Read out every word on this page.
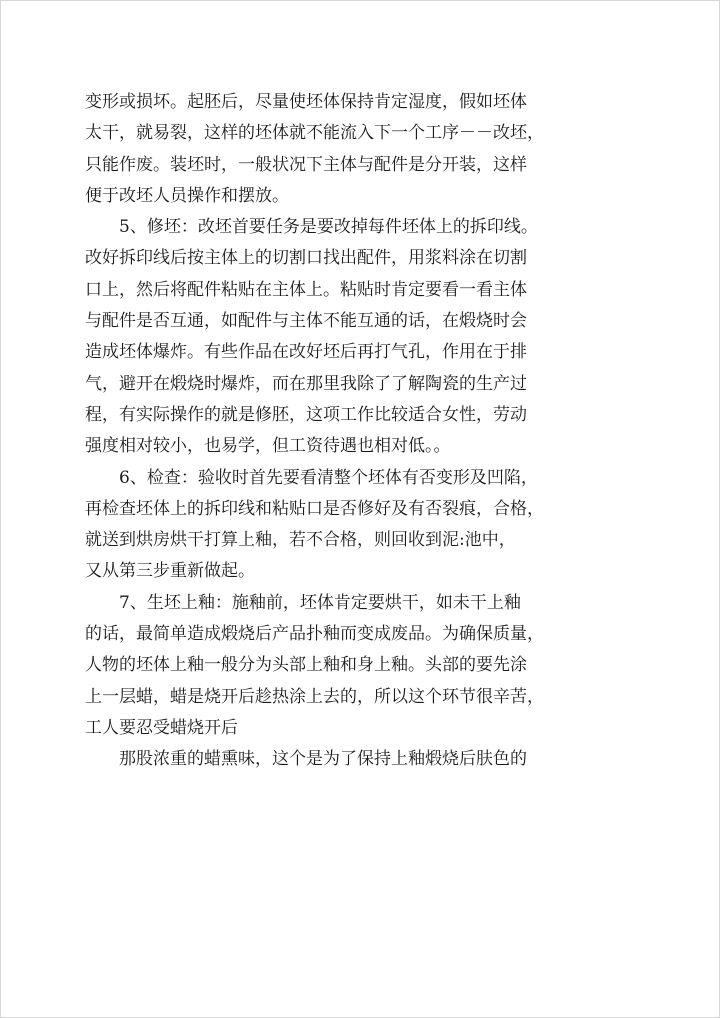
变形或损坏。起胚后，尽量使坯体保持肯定湿度，假如坯体
太干，就易裂，这样的坯体就不能流入下一个工序－－改坯，
只能作废。装坯时，一般状况下主体与配件是分开装，这样
便于改坯人员操作和摆放。

5、修坯：改坯首要任务是要改掉每件坯体上的拆印线。
改好拆印线后按主体上的切割口找出配件，用浆料涂在切割
口上，然后将配件粘贴在主体上。粘贴时肯定要看一看主体
与配件是否互通，如配件与主体不能互通的话，在煅烧时会
造成坯体爆炸。有些作品在改好坯后再打气孔，作用在于排
气，避开在煅烧时爆炸，而在那里我除了了解陶瓷的生产过
程，有实际操作的就是修胚，这项工作比较适合女性，劳动
强度相对较小，也易学，但工资待遇也相对低。。

6、检查：验收时首先要看清整个坯体有否变形及凹陷，
再检查坯体上的拆印线和粘贴口是否修好及有否裂痕，合格，
就送到烘房烘干打算上釉，若不合格，则回收到泥:池中，
又从第三步重新做起。

7、生坯上釉：施釉前，坯体肯定要烘干，如未干上釉
的话，最简单造成煅烧后产品扑釉而变成废品。为确保质量，
人物的坯体上釉一般分为头部上釉和身上釉。头部的要先涂
上一层蜡，蜡是烧开后趁热涂上去的，所以这个环节很辛苦，
工人要忍受蜡烧开后

那股浓重的蜡熏味，这个是为了保持上釉煅烧后肤色的
